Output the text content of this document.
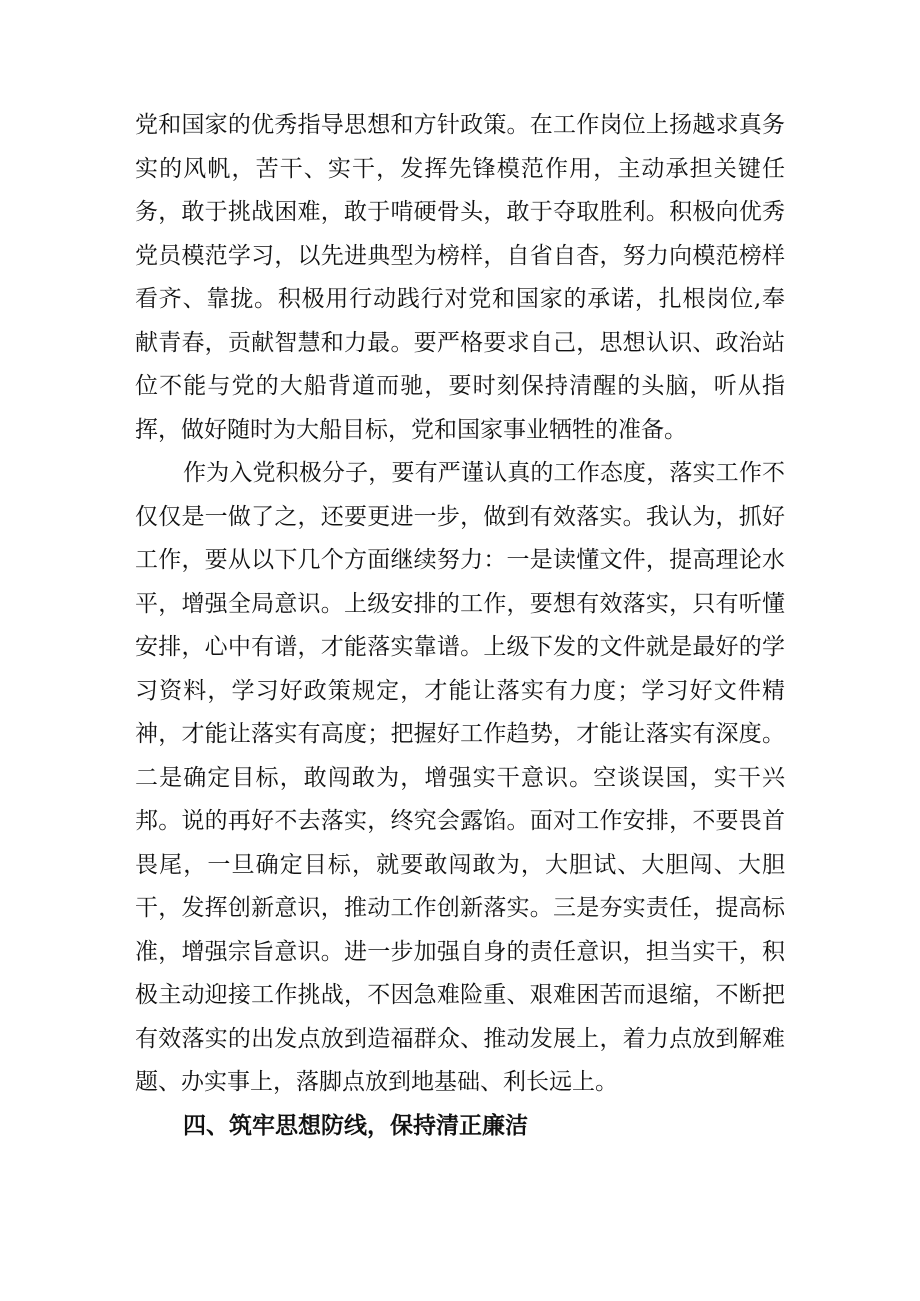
党和国家的优秀指导思想和方针政策。在工作岗位上扬越求真务实的风帆，苦干、实干，发挥先锋模范作用，主动承担关键任务，敢于挑战困难，敢于啃硬骨头，敢于夺取胜利。积极向优秀党员模范学习，以先进典型为榜样，自省自杳，努力向模范榜样看齐、靠拢。积极用行动践行对党和国家的承诺，扎根岗位,奉献青春，贡献智慧和力最。要严格要求自己，思想认识、政治站位不能与党的大船背道而驰，要时刻保持清醒的头脑，听从指挥，做好随时为大船目标，党和国家事业牺牲的准备。

作为入党积极分子，要有严谨认真的工作态度，落实工作不仅仅是一做了之，还要更进一步，做到有效落实。我认为，抓好工作，要从以下几个方面继续努力：一是读懂文件，提高理论水平，增强全局意识。上级安排的工作，要想有效落实，只有听懂安排，心中有谱，才能落实靠谱。上级下发的文件就是最好的学习资料，学习好政策规定，才能让落实有力度；学习好文件精神，才能让落实有高度；把握好工作趋势，才能让落实有深度。二是确定目标，敢闯敢为，增强实干意识。空谈误国，实干兴邦。说的再好不去落实，终究会露馅。面对工作安排，不要畏首畏尾，一旦确定目标，就要敢闯敢为，大胆试、大胆闯、大胆干，发挥创新意识，推动工作创新落实。三是夯实责任，提高标准，增强宗旨意识。进一步加强自身的责任意识，担当实干，积极主动迎接工作挑战，不因急难险重、艰难困苦而退缩，不断把有效落实的出发点放到造福群众、推动发展上，着力点放到解难题、办实事上，落脚点放到地基础、利长远上。

四、筑牢思想防线，保持清正廉洁
